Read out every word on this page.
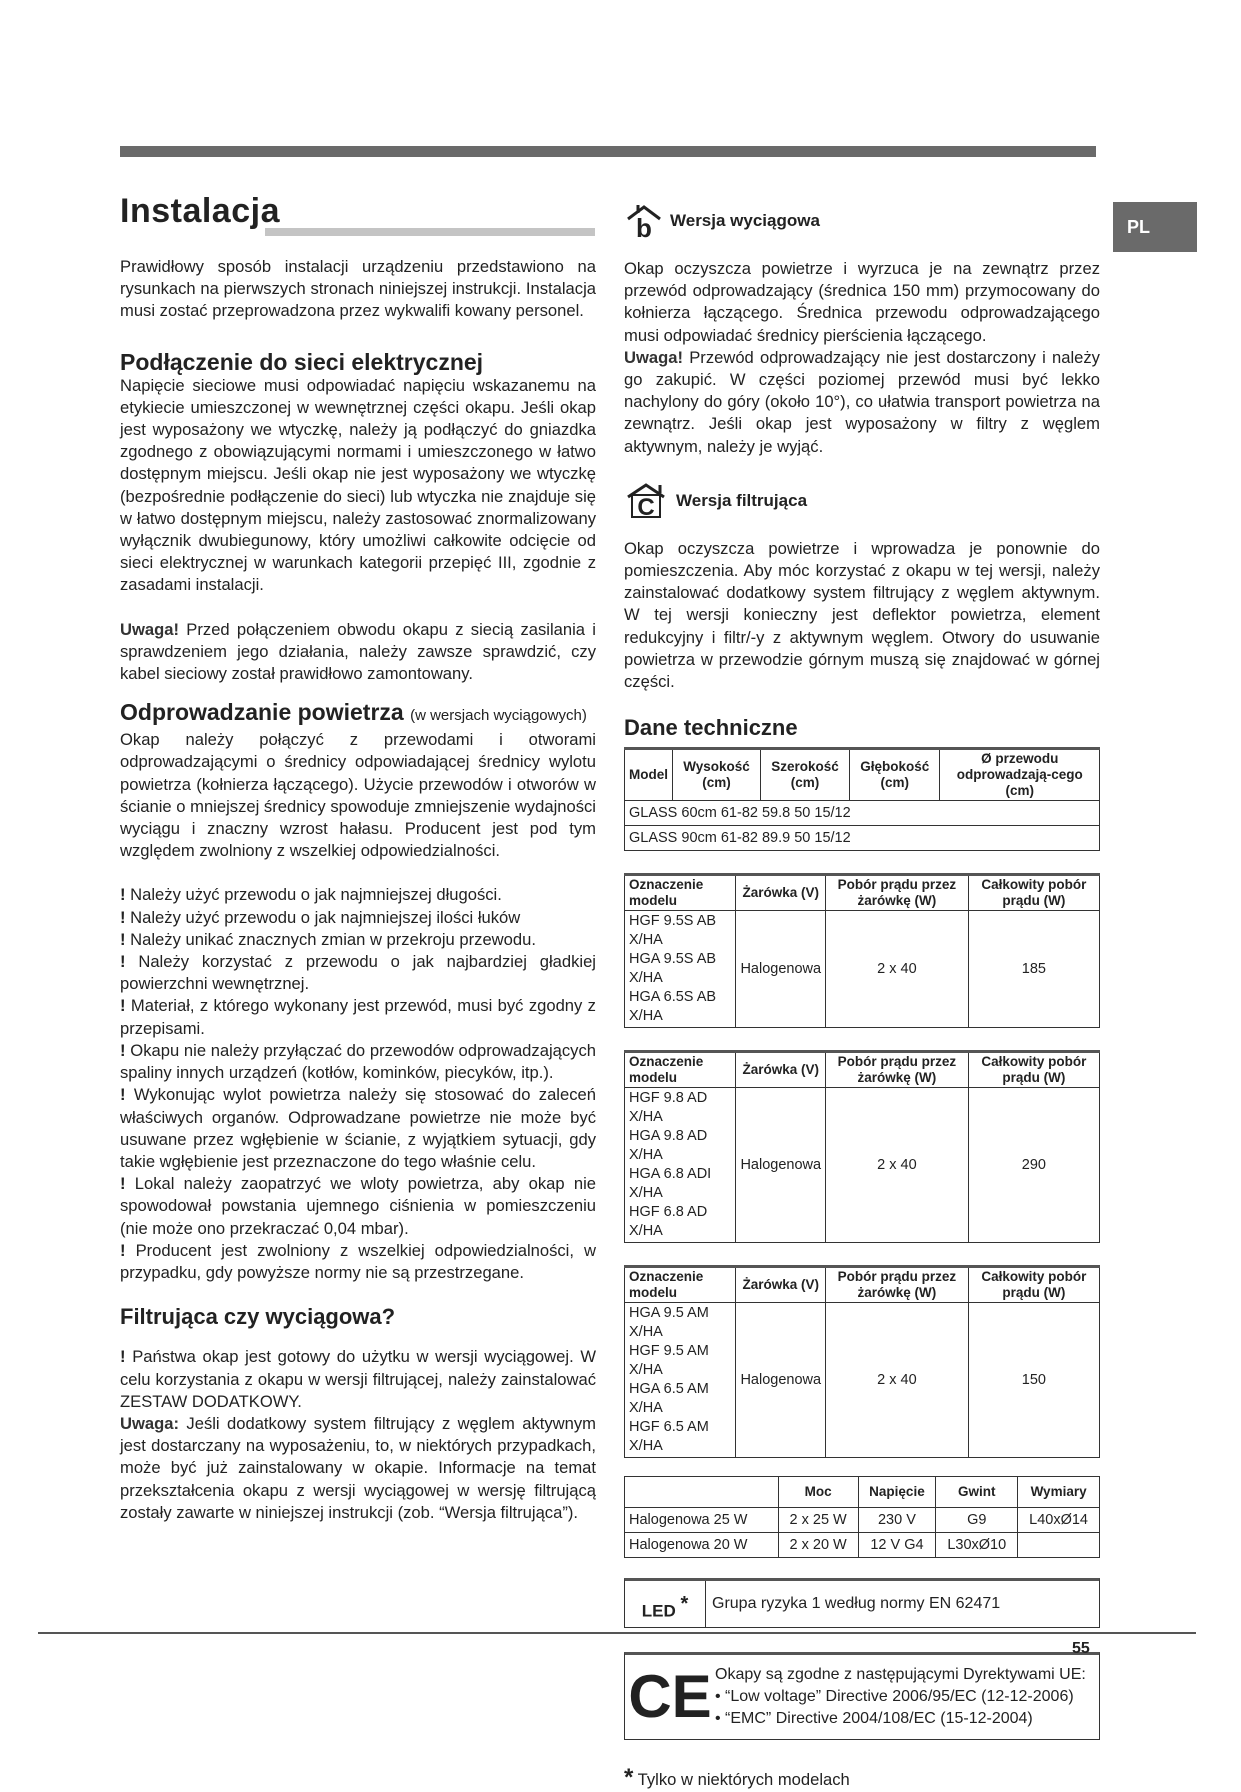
PL
Instalacja

Prawidłowy sposób instalacji urządzeniu przedstawiono na rysunkach na pierwszych stronach niniejszej instrukcji. Instalacja musi zostać przeprowadzona przez wykwalifi kowany personel.

Podłączenie do sieci elektrycznej

Napięcie sieciowe musi odpowiadać napięciu wskazanemu na etykiecie umieszczonej w wewnętrznej części okapu. Jeśli okap jest wyposażony we wtyczkę, należy ją podłączyć do gniazdka zgodnego z obowiązującymi normami i umieszczonego w łatwo dostępnym miejscu. Jeśli okap nie jest wyposażony we wtyczkę (bezpośrednie podłączenie do sieci) lub wtyczka nie znajduje się w łatwo dostępnym miejscu, należy zastosować znormalizowany wyłącznik dwubiegunowy, który umożliwi całkowite odcięcie od sieci elektrycznej w warunkach kategorii przepięć III, zgodnie z zasadami instalacji.

Uwaga! Przed połączeniem obwodu okapu z siecią zasilania i sprawdzeniem jego działania, należy zawsze sprawdzić, czy kabel sieciowy został prawidłowo zamontowany.

Odprowadzanie powietrza (w wersjach wyciągowych)

Okap należy połączyć z przewodami i otworami odprowadzającymi o średnicy odpowiadającej średnicy wylotu powietrza (kołnierza łączącego). Użycie przewodów i otworów w ścianie o mniejszej średnicy spowoduje zmniejszenie wydajności wyciągu i znaczny wzrost hałasu. Producent jest pod tym względem zwolniony z wszelkiej odpowiedzialności.

! Należy użyć przewodu o jak najmniejszej długości.

! Należy użyć przewodu o jak najmniejszej ilości łuków

! Należy unikać znacznych zmian w przekroju przewodu.

! Należy korzystać z przewodu o jak najbardziej gładkiej powierzchni wewnętrznej.

! Materiał, z którego wykonany jest przewód, musi być zgodny z przepisami.

! Okapu nie należy przyłączać do przewodów odprowadzających spaliny innych urządzeń (kotłów, kominków, piecyków, itp.).

! Wykonując wylot powietrza należy się stosować do zaleceń właściwych organów. Odprowadzane powietrze nie może być usuwane przez wgłębienie w ścianie, z wyjątkiem sytuacji, gdy takie wgłębienie jest przeznaczone do tego właśnie celu.

! Lokal należy zaopatrzyć we wloty powietrza, aby okap nie spowodował powstania ujemnego ciśnienia w pomieszczeniu (nie może ono przekraczać 0,04 mbar).

! Producent jest zwolniony z wszelkiej odpowiedzialności, w przypadku, gdy powyższe normy nie są przestrzegane.

Filtrująca czy wyciągowa?

! Państwa okap jest gotowy do użytku w wersji wyciągowej. W celu korzystania z okapu w wersji filtrującej, należy zainstalować ZESTAW DODATKOWY.

Uwaga: Jeśli dodatkowy system filtrujący z węglem aktywnym jest dostarczany na wyposażeniu, to, w niektórych przypadkach, może być już zainstalowany w okapie. Informacje na temat przekształcenia okapu z wersji wyciągowej w wersję filtrującą zostały zawarte w niniejszej instrukcji (zob. “Wersja filtrująca”).

b Wersja wyciągowa

Okap oczyszcza powietrze i wyrzuca je na zewnątrz przez przewód odprowadzający (średnica 150 mm) przymocowany do kołnierza łączącego. Średnica przewodu odprowadzającego musi odpowiadać średnicy pierścienia łączącego.

Uwaga! Przewód odprowadzający nie jest dostarczony i należy go zakupić. W części poziomej przewód musi być lekko nachylony do góry (około 10°), co ułatwia transport powietrza na zewnątrz. Jeśli okap jest wyposażony w filtry z węglem aktywnym, należy je wyjąć.

C Wersja filtrująca

Okap oczyszcza powietrze i wprowadza je ponownie do pomieszczenia. Aby móc korzystać z okapu w tej wersji, należy zainstalować dodatkowy system filtrujący z węglem aktywnym. W tej wersji konieczny jest deflektor powietrza, element redukcyjny i filtr/-y z aktywnym węglem. Otwory do usuwanie powietrza w przewodzie górnym muszą się znajdować w górnej części.

Dane techniczne
Model	Wysokość (cm)	Szerokość (cm)	Głębokość (cm)	Ø przewodu odprowadzają-cego (cm)
GLASS 60cm 61-82 59.8 50 15/12
GLASS 90cm 61-82 89.9 50 15/12
Oznaczenie modelu	Żarówka (V)	Pobór prądu przez żarówkę (W)	Całkowity pobór prądu (W)

HGF 9.5S AB X/HA
HGA 9.5S AB X/HA
HGA 6.5S AB X/HA	Halogenowa	2 x 40	185
Oznaczenie modelu	Żarówka (V)	Pobór prądu przez żarówkę (W)	Całkowity pobór prądu (W)

HGF 9.8 AD X/HA
HGA 9.8 AD X/HA
HGA 6.8 ADI X/HA
HGF 6.8 AD X/HA	Halogenowa	2 x 40	290
Oznaczenie modelu	Żarówka (V)	Pobór prądu przez żarówkę (W)	Całkowity pobór prądu (W)

HGA 9.5 AM X/HA
HGF 9.5 AM X/HA
HGA 6.5 AM X/HA
HGF 6.5 AM X/HA	Halogenowa	2 x 40	150
	Moc	Napięcie	Gwint	Wymiary
Halogenowa 25 W	2 x 25 W	230 V	G9	L40xØ14
Halogenowa 20 W	2 x 20 W	12 V G4	L30xØ10	
LED *	Grupa ryzyka 1 według normy EN 62471
CE Okapy są zgodne z następującymi Dyrektywami UE:
• “Low voltage” Directive 2006/95/EC (12-12-2006)
• “EMC” Directive 2004/108/EC (15-12-2004)
* Tylko w niektórych modelach
55
